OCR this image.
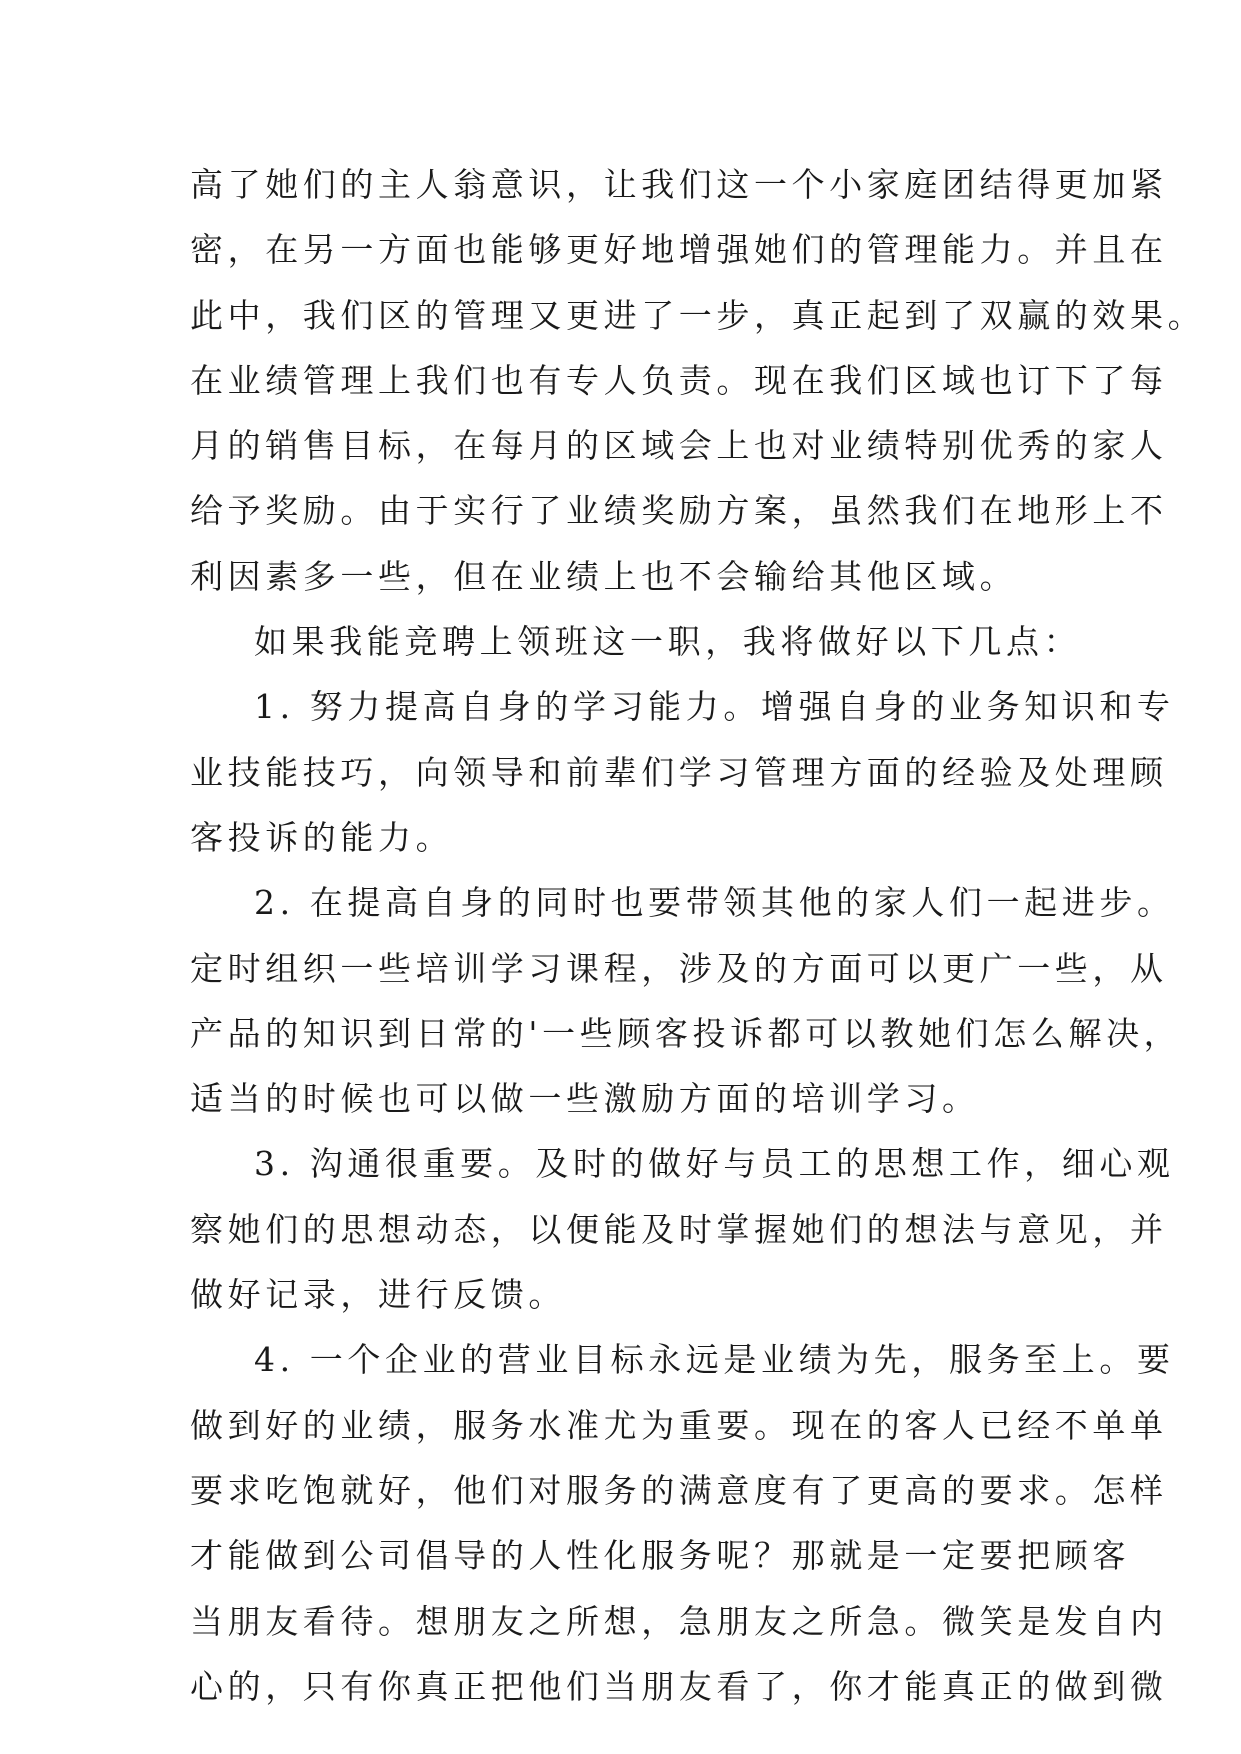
高了她们的主人翁意识，让我们这一个小家庭团结得更加紧
密，在另一方面也能够更好地增强她们的管理能力。并且在
此中，我们区的管理又更进了一步，真正起到了双赢的效果。
在业绩管理上我们也有专人负责。现在我们区域也订下了每
月的销售目标，在每月的区域会上也对业绩特别优秀的家人
给予奖励。由于实行了业绩奖励方案，虽然我们在地形上不
利因素多一些，但在业绩上也不会输给其他区域。
如果我能竞聘上领班这一职，我将做好以下几点：
1. 努力提高自身的学习能力。增强自身的业务知识和专
业技能技巧，向领导和前辈们学习管理方面的经验及处理顾
客投诉的能力。
2. 在提高自身的同时也要带领其他的家人们一起进步。
定时组织一些培训学习课程，涉及的方面可以更广一些，从
产品的知识到日常的'一些顾客投诉都可以教她们怎么解决，
适当的时候也可以做一些激励方面的培训学习。
3. 沟通很重要。及时的做好与员工的思想工作，细心观
察她们的思想动态，以便能及时掌握她们的想法与意见，并
做好记录，进行反馈。
4. 一个企业的营业目标永远是业绩为先，服务至上。要
做到好的业绩，服务水准尤为重要。现在的客人已经不单单
要求吃饱就好，他们对服务的满意度有了更高的要求。怎样
才能做到公司倡导的人性化服务呢？那就是一定要把顾客
当朋友看待。想朋友之所想，急朋友之所急。微笑是发自内
心的，只有你真正把他们当朋友看了，你才能真正的做到微
